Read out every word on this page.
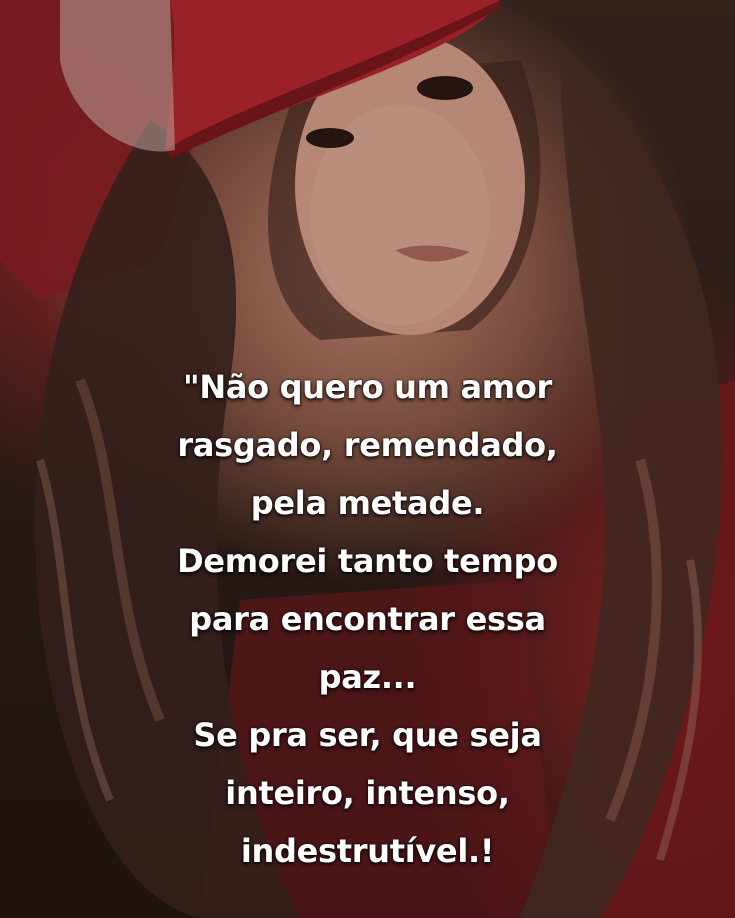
"Não quero um amor
rasgado, remendado,
pela metade.
Demorei tanto tempo
para encontrar essa
paz...
Se pra ser, que seja
inteiro, intenso,
indestrutível.!
